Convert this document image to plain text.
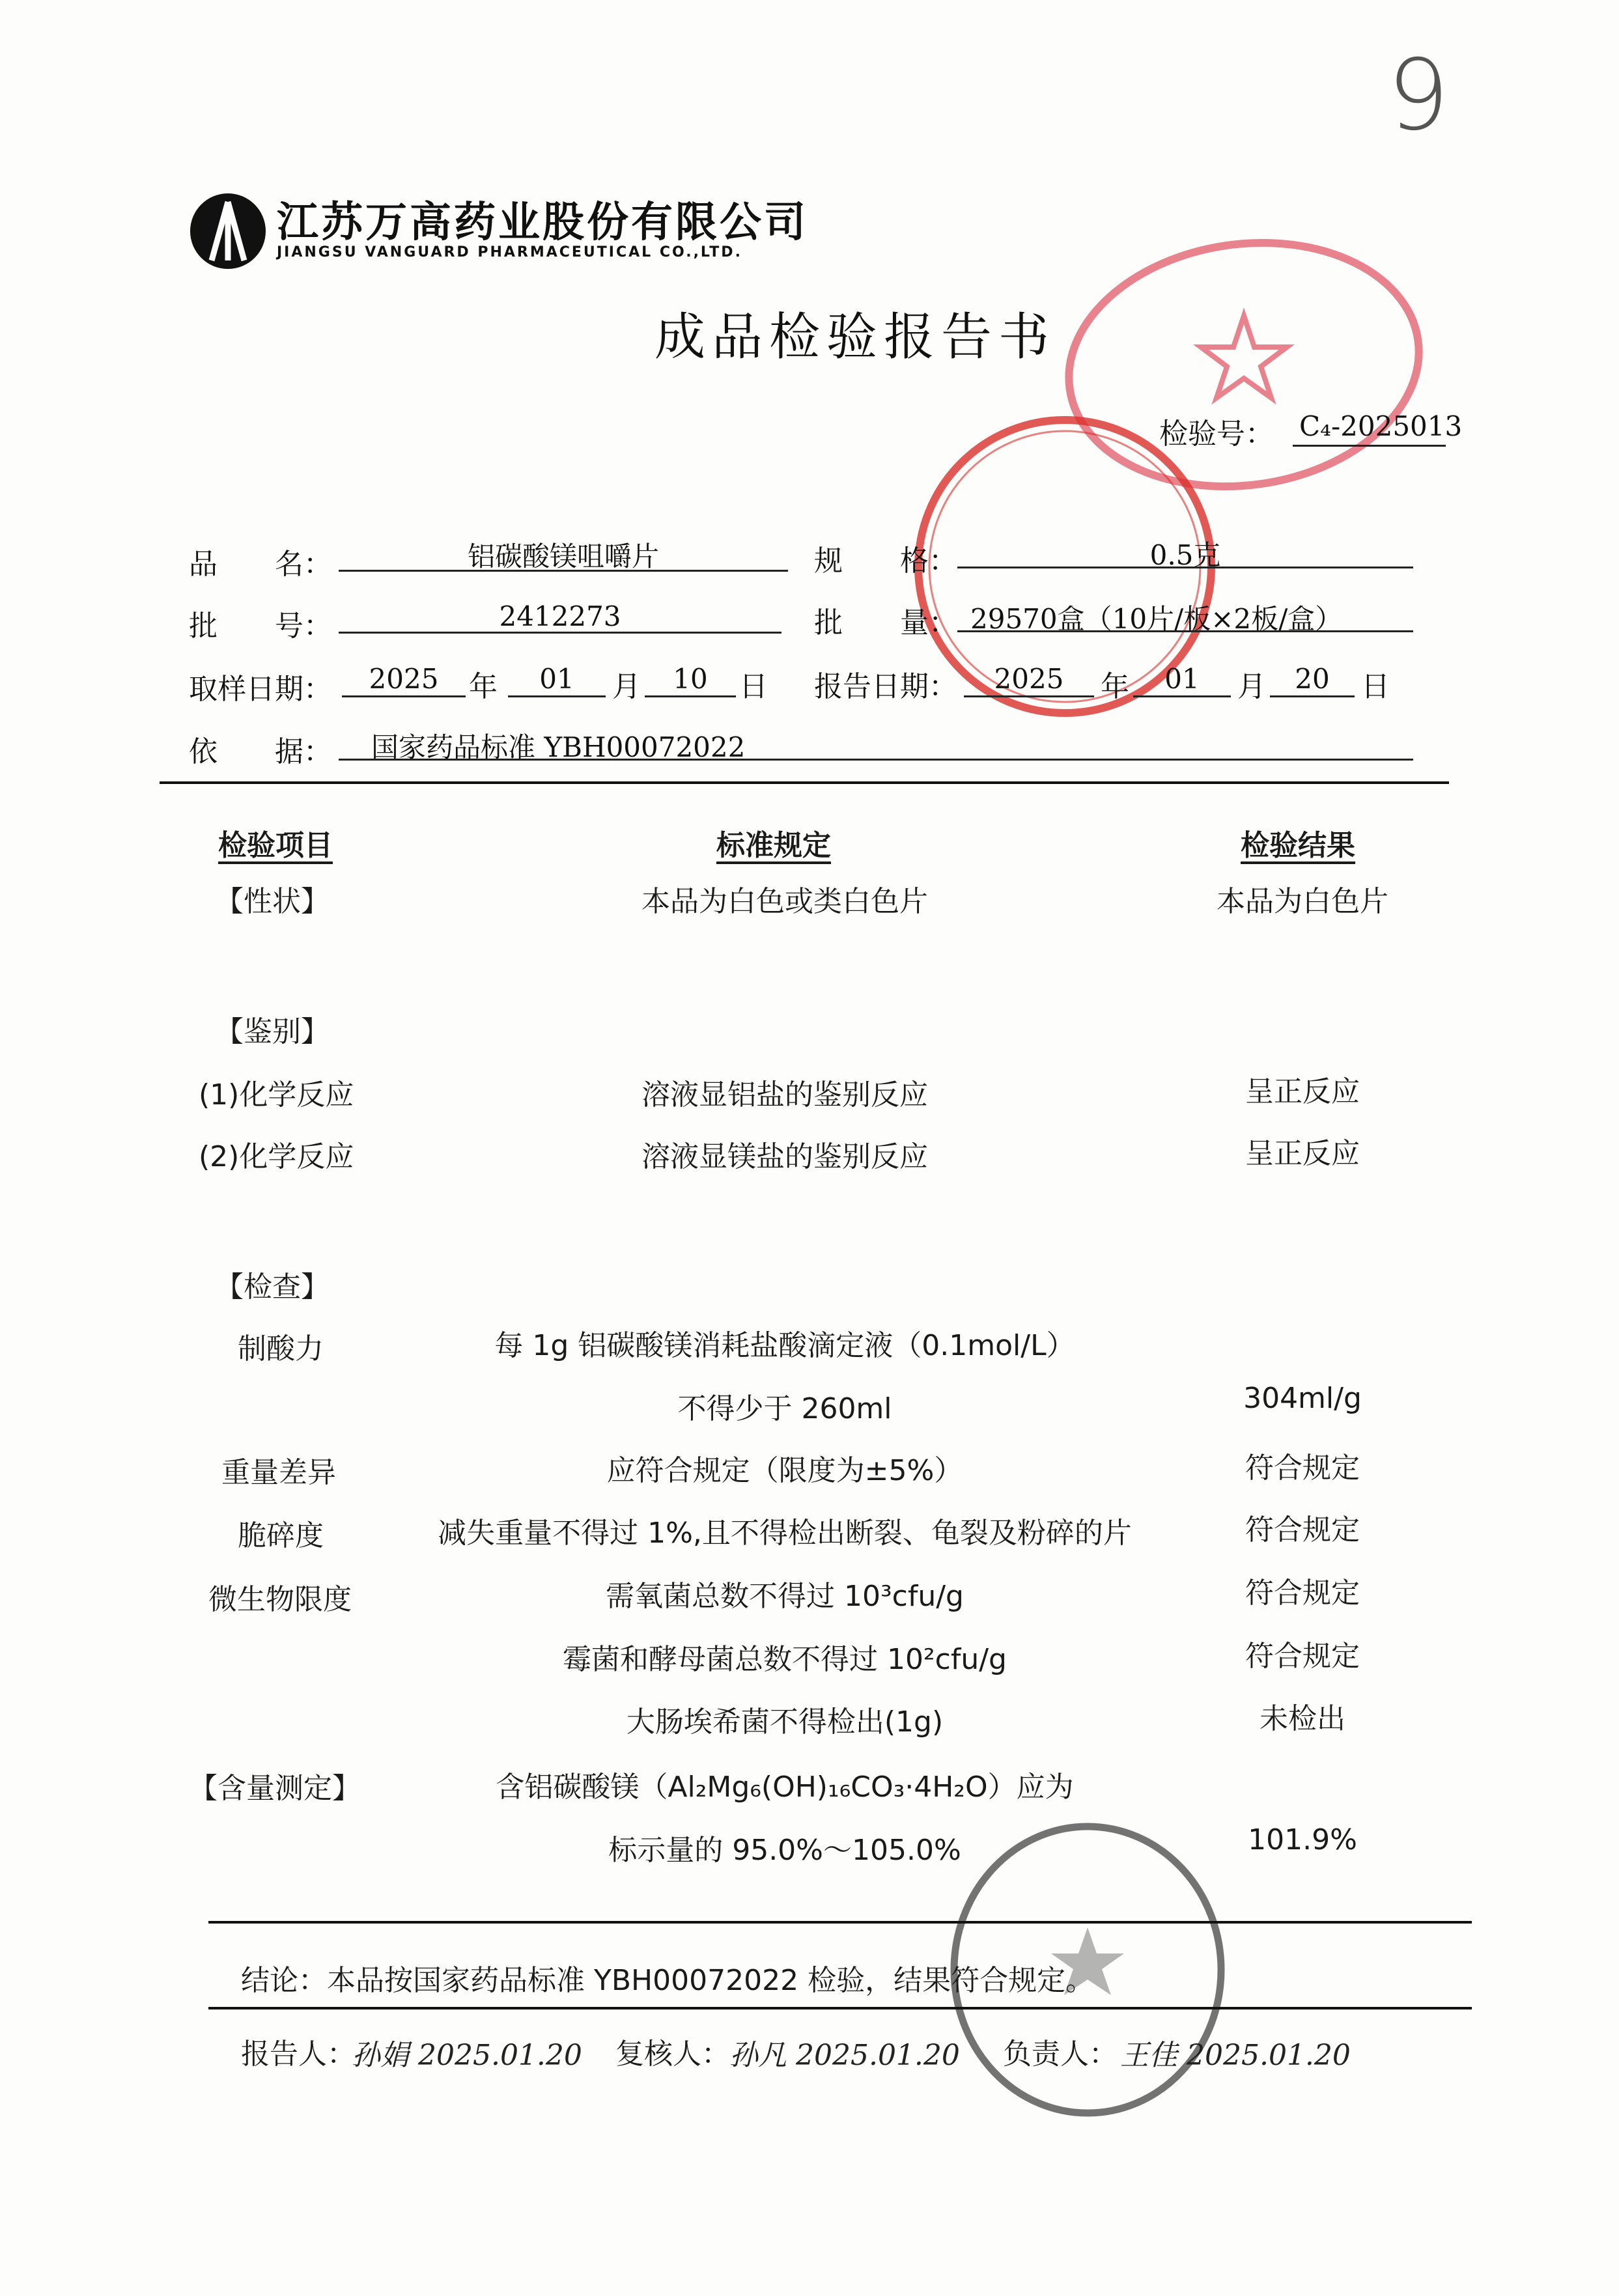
9
江苏万高药业股份有限公司
JIANGSU VANGUARD PHARMACEUTICAL CO.,LTD.
成品检验报告书
检验号： C₄-2025013
品　　名：	铝碳酸镁咀嚼片	规　　格：	0.5克
批　　号：	2412273	批　　量： 29570盒（10片/板×2板/盒）
取样日期：	2025	年	01	月	10	日 报告日期：	2025	年	01	月	20	日
依　　据： 国家药品标准 YBH00072022
检验项目	标准规定	检验结果
【性状】	本品为白色或类白色片	本品为白色片
【鉴别】
(1)化学反应	溶液显铝盐的鉴别反应	呈正反应
(2)化学反应	溶液显镁盐的鉴别反应	呈正反应
【检查】
制酸力	每 1g 铝碳酸镁消耗盐酸滴定液（0.1mol/L）
不得少于 260ml	304ml/g
重量差异	应符合规定（限度为±5%）	符合规定
脆碎度	减失重量不得过 1%,且不得检出断裂、龟裂及粉碎的片	符合规定
微生物限度	需氧菌总数不得过 10³cfu/g	符合规定
霉菌和酵母菌总数不得过 10²cfu/g	符合规定
大肠埃希菌不得检出(1g)	未检出
【含量测定】	含铝碳酸镁（Al₂Mg₆(OH)₁₆CO₃·4H₂O）应为
标示量的 95.0%～105.0%	101.9%
结论：本品按国家药品标准 YBH00072022 检验，结果符合规定。
报告人：
孙娟 2025.01.20 复核人： 孙凡 2025.01.20 负责人： 王佳 2025.01.20
